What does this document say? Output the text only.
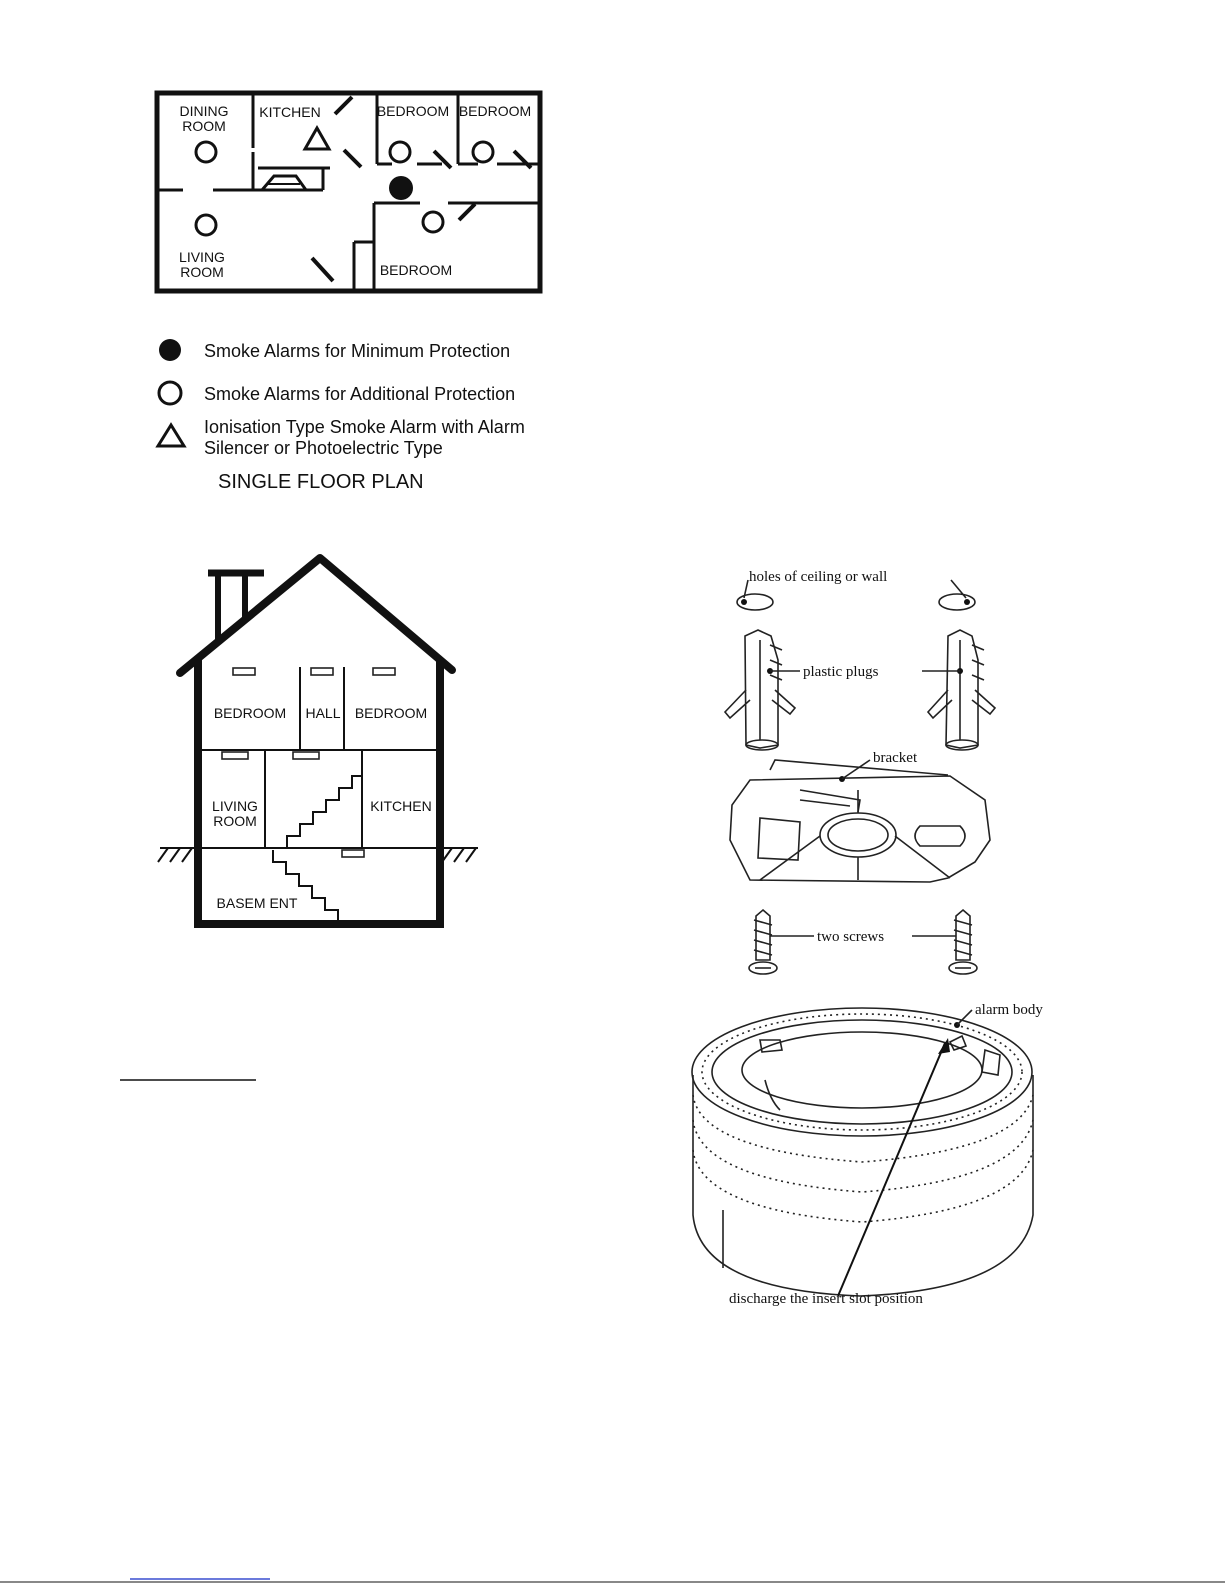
DINING
ROOM
KITCHEN	BEDROOM BEDROOM
LIVING
ROOM	BEDROOM
Smoke Alarms for Minimum Protection
Smoke Alarms for Additional Protection
Ionisation Type Smoke Alarm with Alarm
Silencer or Photoelectric Type
SINGLE FLOOR PLAN
BEDROOM HALL BEDROOM
LIVING
ROOM
KITCHEN
BASEM ENT
holes of ceiling or wall
plastic plugs
bracket
two screws
alarm body
discharge the insert slot position
